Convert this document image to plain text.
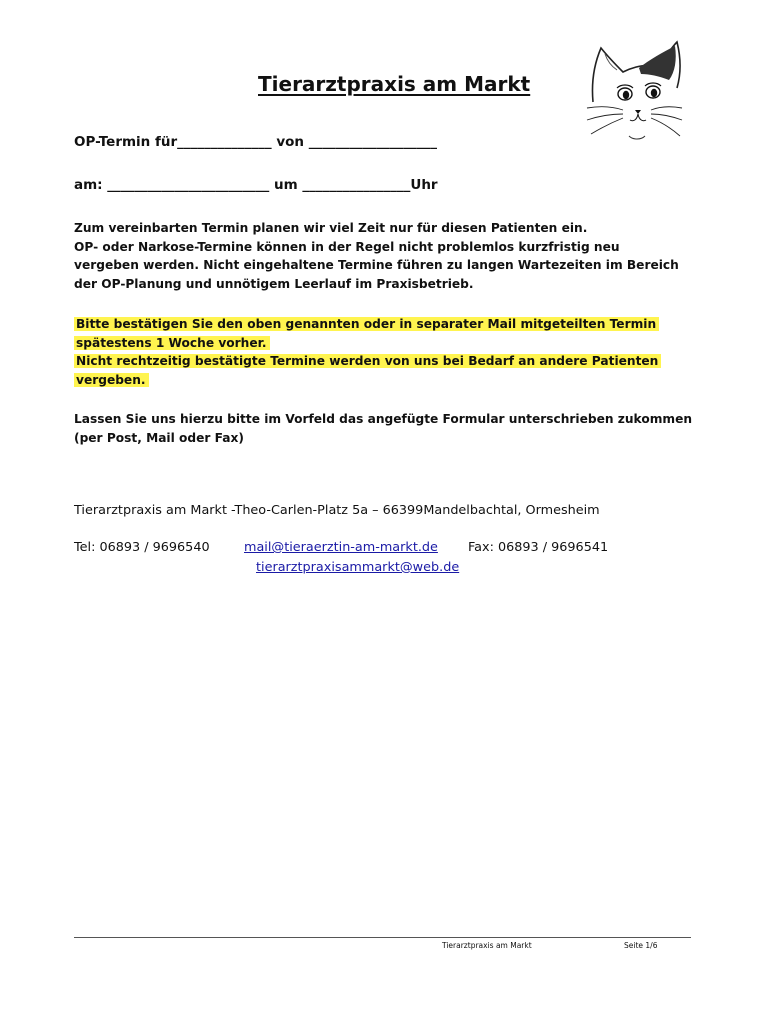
Tierarztpraxis am Markt
OP-Termin für______________ von ___________________
am: ________________________ um ________________Uhr

Zum vereinbarten Termin planen wir viel Zeit nur für diesen Patienten ein.
OP- oder Narkose-Termine können in der Regel nicht problemlos kurzfristig neu
vergeben werden. Nicht eingehaltene Termine führen zu langen Wartezeiten im Bereich
der OP-Planung und unnötigem Leerlauf im Praxisbetrieb.

Bitte bestätigen Sie den oben genannten oder in separater Mail mitgeteilten Termin
spätestens 1 Woche vorher.
Nicht rechtzeitig bestätigte Termine werden von uns bei Bedarf an andere Patienten
vergeben.

Lassen Sie uns hierzu bitte im Vorfeld das angefügte Formular unterschrieben zukommen
(per Post, Mail oder Fax)

Tierarztpraxis am Markt -Theo-Carlen-Platz 5a – 66399Mandelbachtal, Ormesheim

Tel: 06893 / 9696540	mail@tieraerztin-am-markt.de Fax: 06893 / 9696541
tierarztpraxisammarkt@web.de
Tierarztpraxis am Markt	Seite 1/6
